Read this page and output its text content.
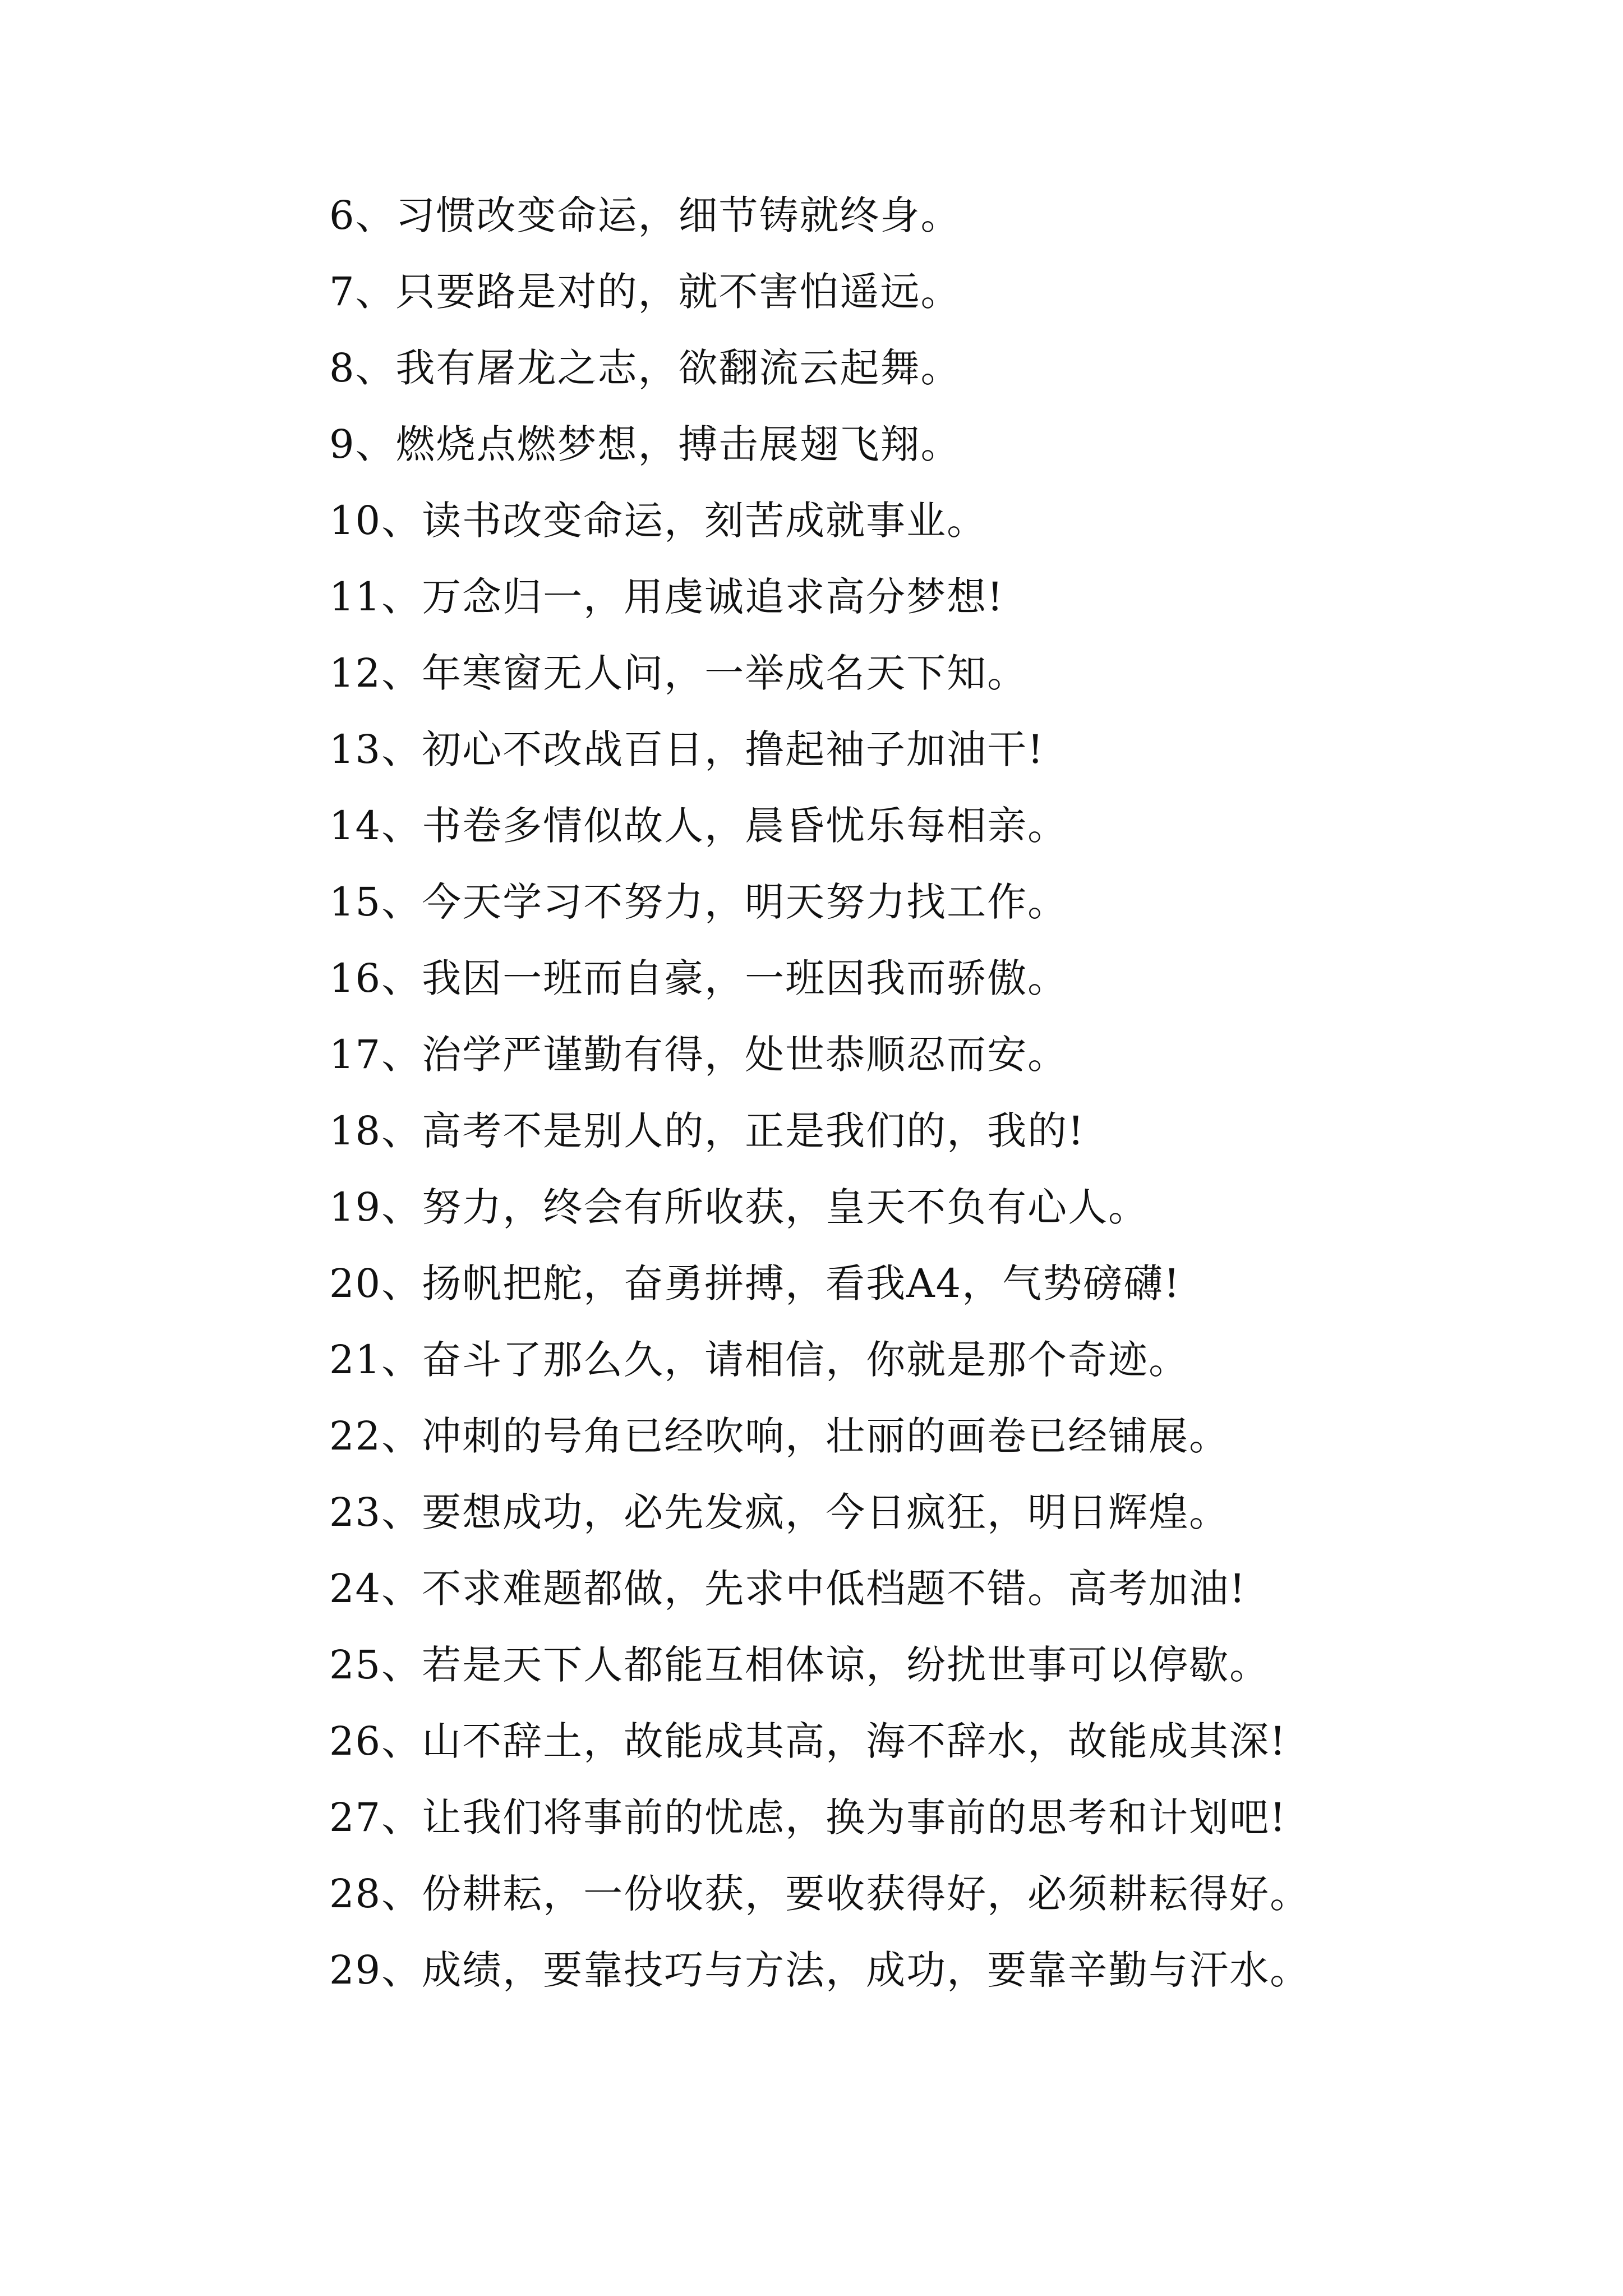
6、习惯改变命运，细节铸就终身。
7、只要路是对的，就不害怕遥远。
8、我有屠龙之志，欲翻流云起舞。
9、燃烧点燃梦想，搏击展翅飞翔。
10、读书改变命运，刻苦成就事业。
11、万念归一，用虔诚追求高分梦想!
12、年寒窗无人问，一举成名天下知。
13、初心不改战百日，撸起袖子加油干!
14、书卷多情似故人，晨昏忧乐每相亲。
15、今天学习不努力，明天努力找工作。
16、我因一班而自豪，一班因我而骄傲。
17、治学严谨勤有得，处世恭顺忍而安。
18、高考不是别人的，正是我们的，我的!
19、努力，终会有所收获，皇天不负有心人。
20、扬帆把舵，奋勇拼搏，看我A4，气势磅礴!
21、奋斗了那么久，请相信，你就是那个奇迹。
22、冲刺的号角已经吹响，壮丽的画卷已经铺展。
23、要想成功，必先发疯，今日疯狂，明日辉煌。
24、不求难题都做，先求中低档题不错。高考加油!
25、若是天下人都能互相体谅，纷扰世事可以停歇。
26、山不辞土，故能成其高，海不辞水，故能成其深!
27、让我们将事前的忧虑，换为事前的思考和计划吧!
28、份耕耘，一份收获，要收获得好，必须耕耘得好。
29、成绩，要靠技巧与方法，成功，要靠辛勤与汗水。
